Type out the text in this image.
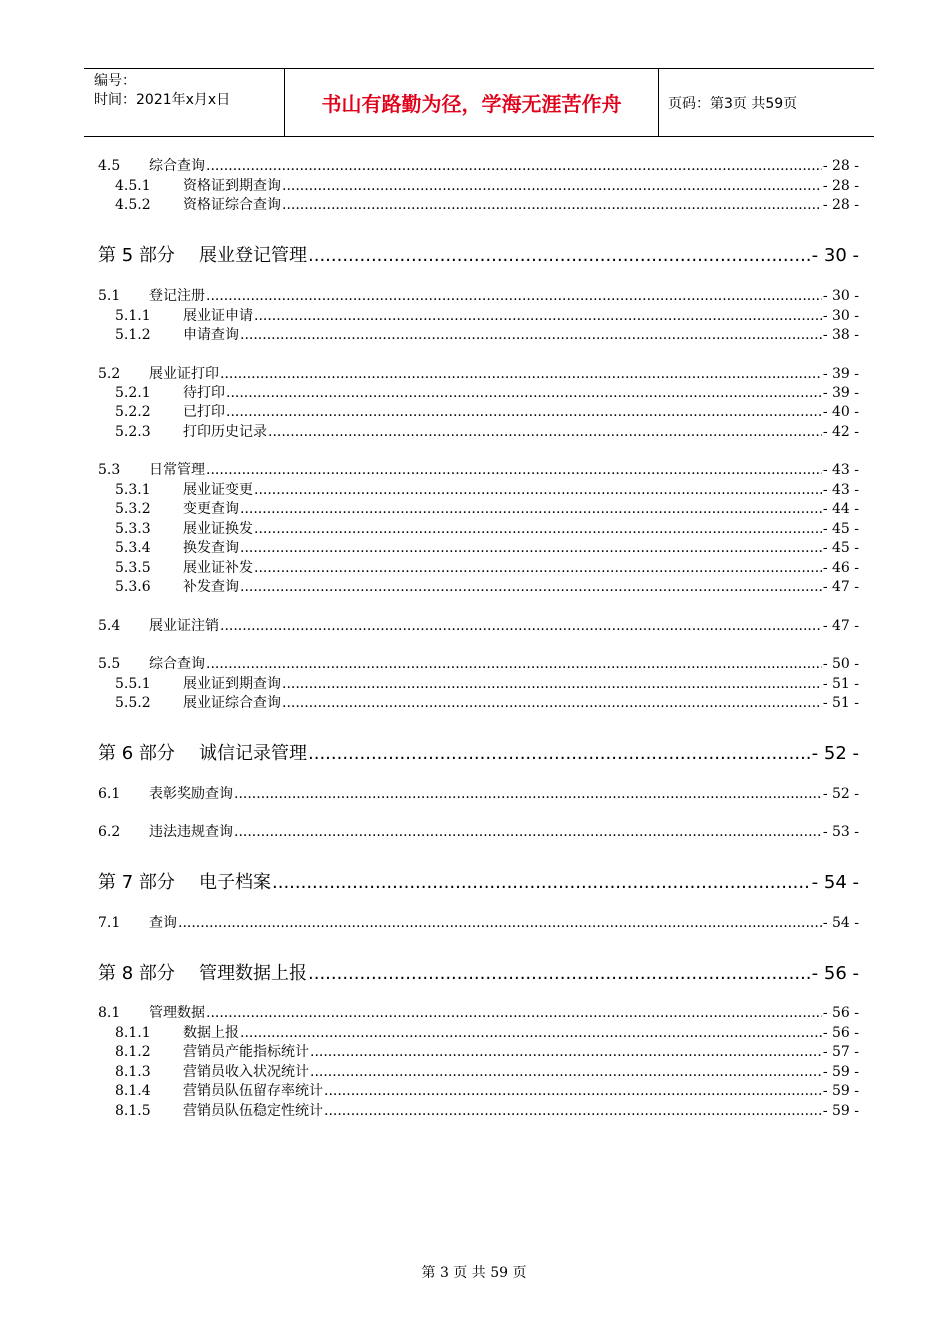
编号：
时间：2021年x月x日	书山有路勤为径，学海无涯苦作舟	页码：第3页 共59页
4.5	综合查询 .....	- 28 -
4.5.1	资格证到期查询 .....	- 28 -
4.5.2	资格证综合查询 .....	- 28 -
第 5 部分	展业登记管理 .....	- 30 -
5.1	登记注册 .....	- 30 -
5.1.1	展业证申请 .....	- 30 -
5.1.2	申请查询 .....	- 38 -
5.2	展业证打印 .....	- 39 -
5.2.1	待打印 .....	- 39 -
5.2.2	已打印 .....	- 40 -
5.2.3	打印历史记录 .....	- 42 -
5.3	日常管理 .....	- 43 -
5.3.1	展业证变更 .....	- 43 -
5.3.2	变更查询 .....	- 44 -
5.3.3	展业证换发 .....	- 45 -
5.3.4	换发查询 .....	- 45 -
5.3.5	展业证补发 .....	- 46 -
5.3.6	补发查询 .....	- 47 -
5.4	展业证注销 .....	- 47 -
5.5	综合查询 .....	- 50 -
5.5.1	展业证到期查询 .....	- 51 -
5.5.2	展业证综合查询 .....	- 51 -
第 6 部分	诚信记录管理 .....	- 52 -
6.1	表彰奖励查询 .....	- 52 -
6.2	违法违规查询 .....	- 53 -
第 7 部分	电子档案 .....	- 54 -
7.1	查询 .....	- 54 -
第 8 部分	管理数据上报 .....	- 56 -
8.1	管理数据 .....	- 56 -
8.1.1	数据上报 .....	- 56 -
8.1.2	营销员产能指标统计 .....	- 57 -
8.1.3	营销员收入状况统计 .....	- 59 -
8.1.4	营销员队伍留存率统计 .....	- 59 -
8.1.5	营销员队伍稳定性统计 .....	- 59 -
第 3 页 共 59 页
